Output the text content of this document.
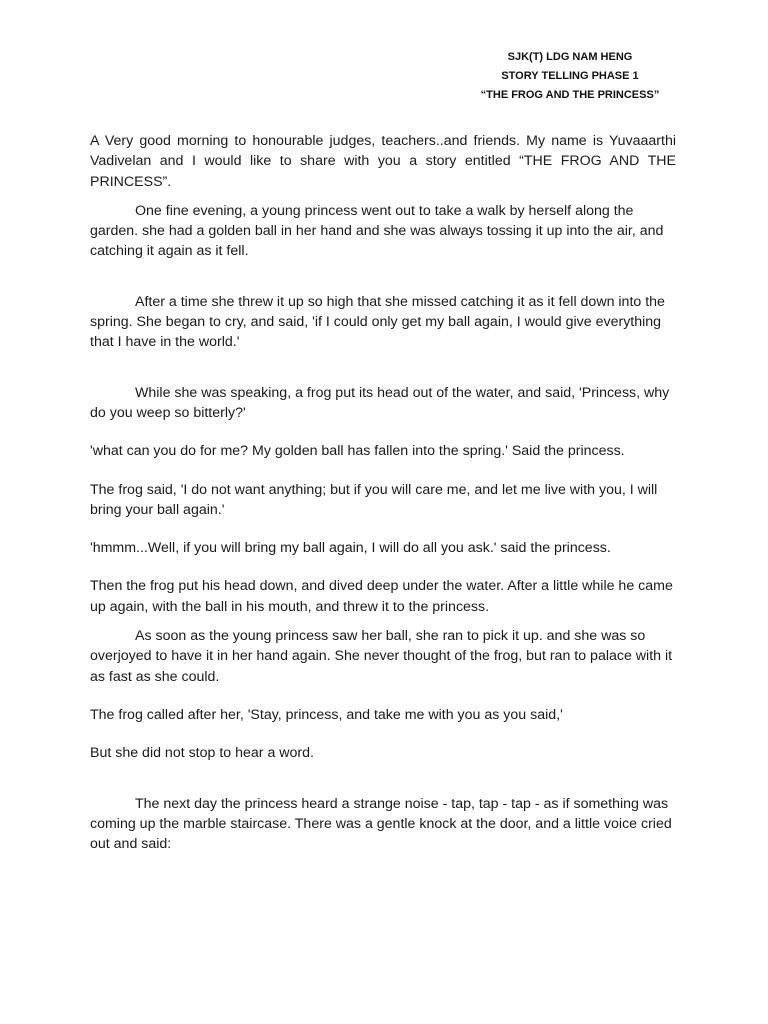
SJK(T) LDG NAM HENG
STORY TELLING PHASE 1
“THE FROG AND THE PRINCESS”

A Very good morning to honourable judges, teachers..and friends. My name is Yuvaaarthi Vadivelan and I would like to share with you a story entitled “THE FROG AND THE PRINCESS”.

One fine evening, a young princess went out to take a walk by herself along the garden. she had a golden ball in her hand and she was always tossing it up into the air, and catching it again as it fell.

After a time she threw it up so high that she missed catching it as it fell down into the spring. She began to cry, and said, 'if I could only get my ball again, I would give everything that I have in the world.'

While she was speaking, a frog put its head out of the water, and said, 'Princess, why do you weep so bitterly?'

'what can you do for me? My golden ball has fallen into the spring.' Said the princess.

The frog said, 'I do not want anything; but if you will care me, and let me live with you, I will bring your ball again.'

'hmmm...Well, if you will bring my ball again, I will do all you ask.' said the princess.

Then the frog put his head down, and dived deep under the water. After a little while he came up again, with the ball in his mouth, and threw it to the princess.

As soon as the young princess saw her ball, she ran to pick it up. and she was so overjoyed to have it in her hand again. She never thought of the frog, but ran to palace with it as fast as she could.

The frog called after her, 'Stay, princess, and take me with you as you said,'

But she did not stop to hear a word.

The next day the princess heard a strange noise - tap, tap - tap - as if something was coming up the marble staircase. There was a gentle knock at the door, and a little voice cried out and said:
